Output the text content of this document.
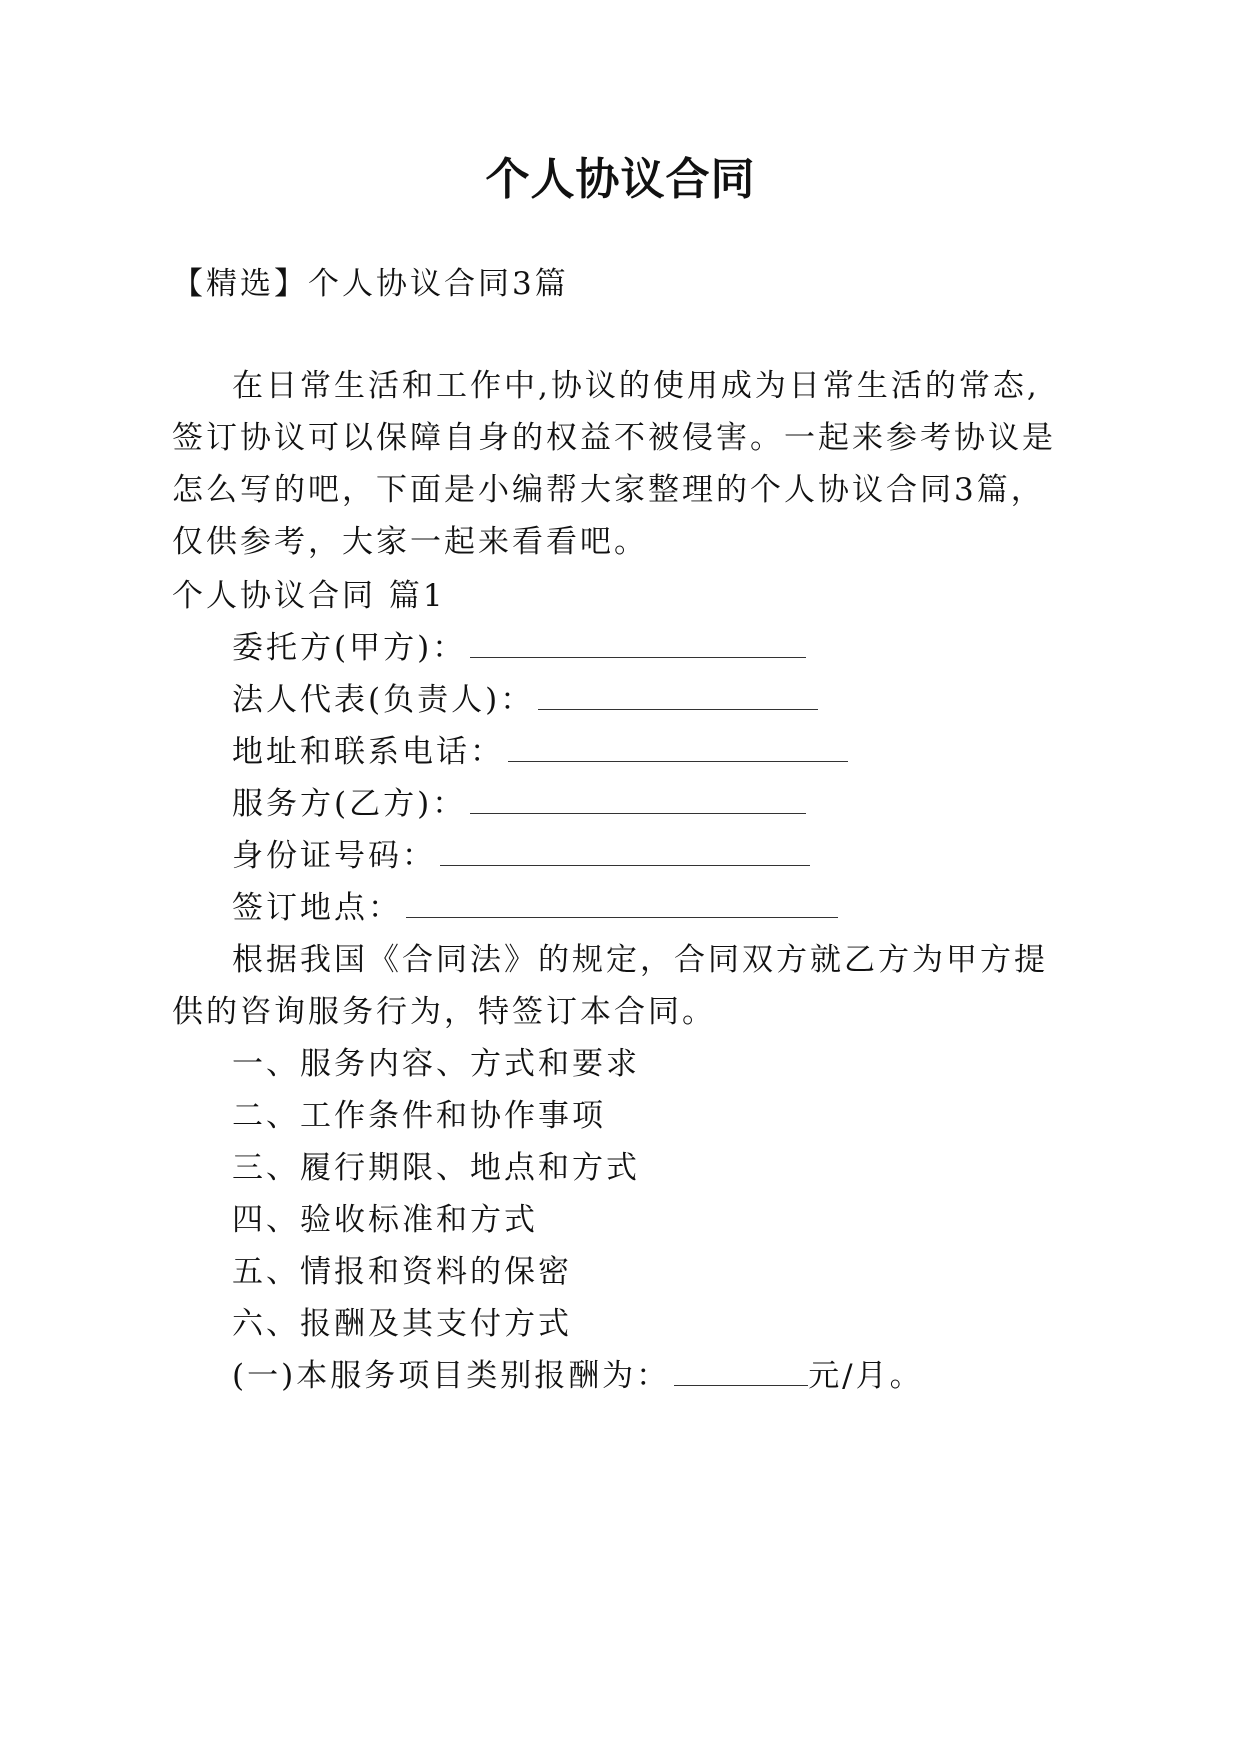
个人协议合同
【精选】个人协议合同3篇
在日常生活和工作中,协议的使用成为日常生活的常态,
签订协议可以保障自身的权益不被侵害。一起来参考协议是
怎么写的吧，下面是小编帮大家整理的个人协议合同3篇，
仅供参考，大家一起来看看吧。
个人协议合同 篇1
委托方(甲方)：
法人代表(负责人)：
地址和联系电话：
服务方(乙方)：
身份证号码：
签订地点：
根据我国《合同法》的规定，合同双方就乙方为甲方提
供的咨询服务行为，特签订本合同。
一、服务内容、方式和要求
二、工作条件和协作事项
三、履行期限、地点和方式
四、验收标准和方式
五、情报和资料的保密
六、报酬及其支付方式
(一)本服务项目类别报酬为：	元/月。
